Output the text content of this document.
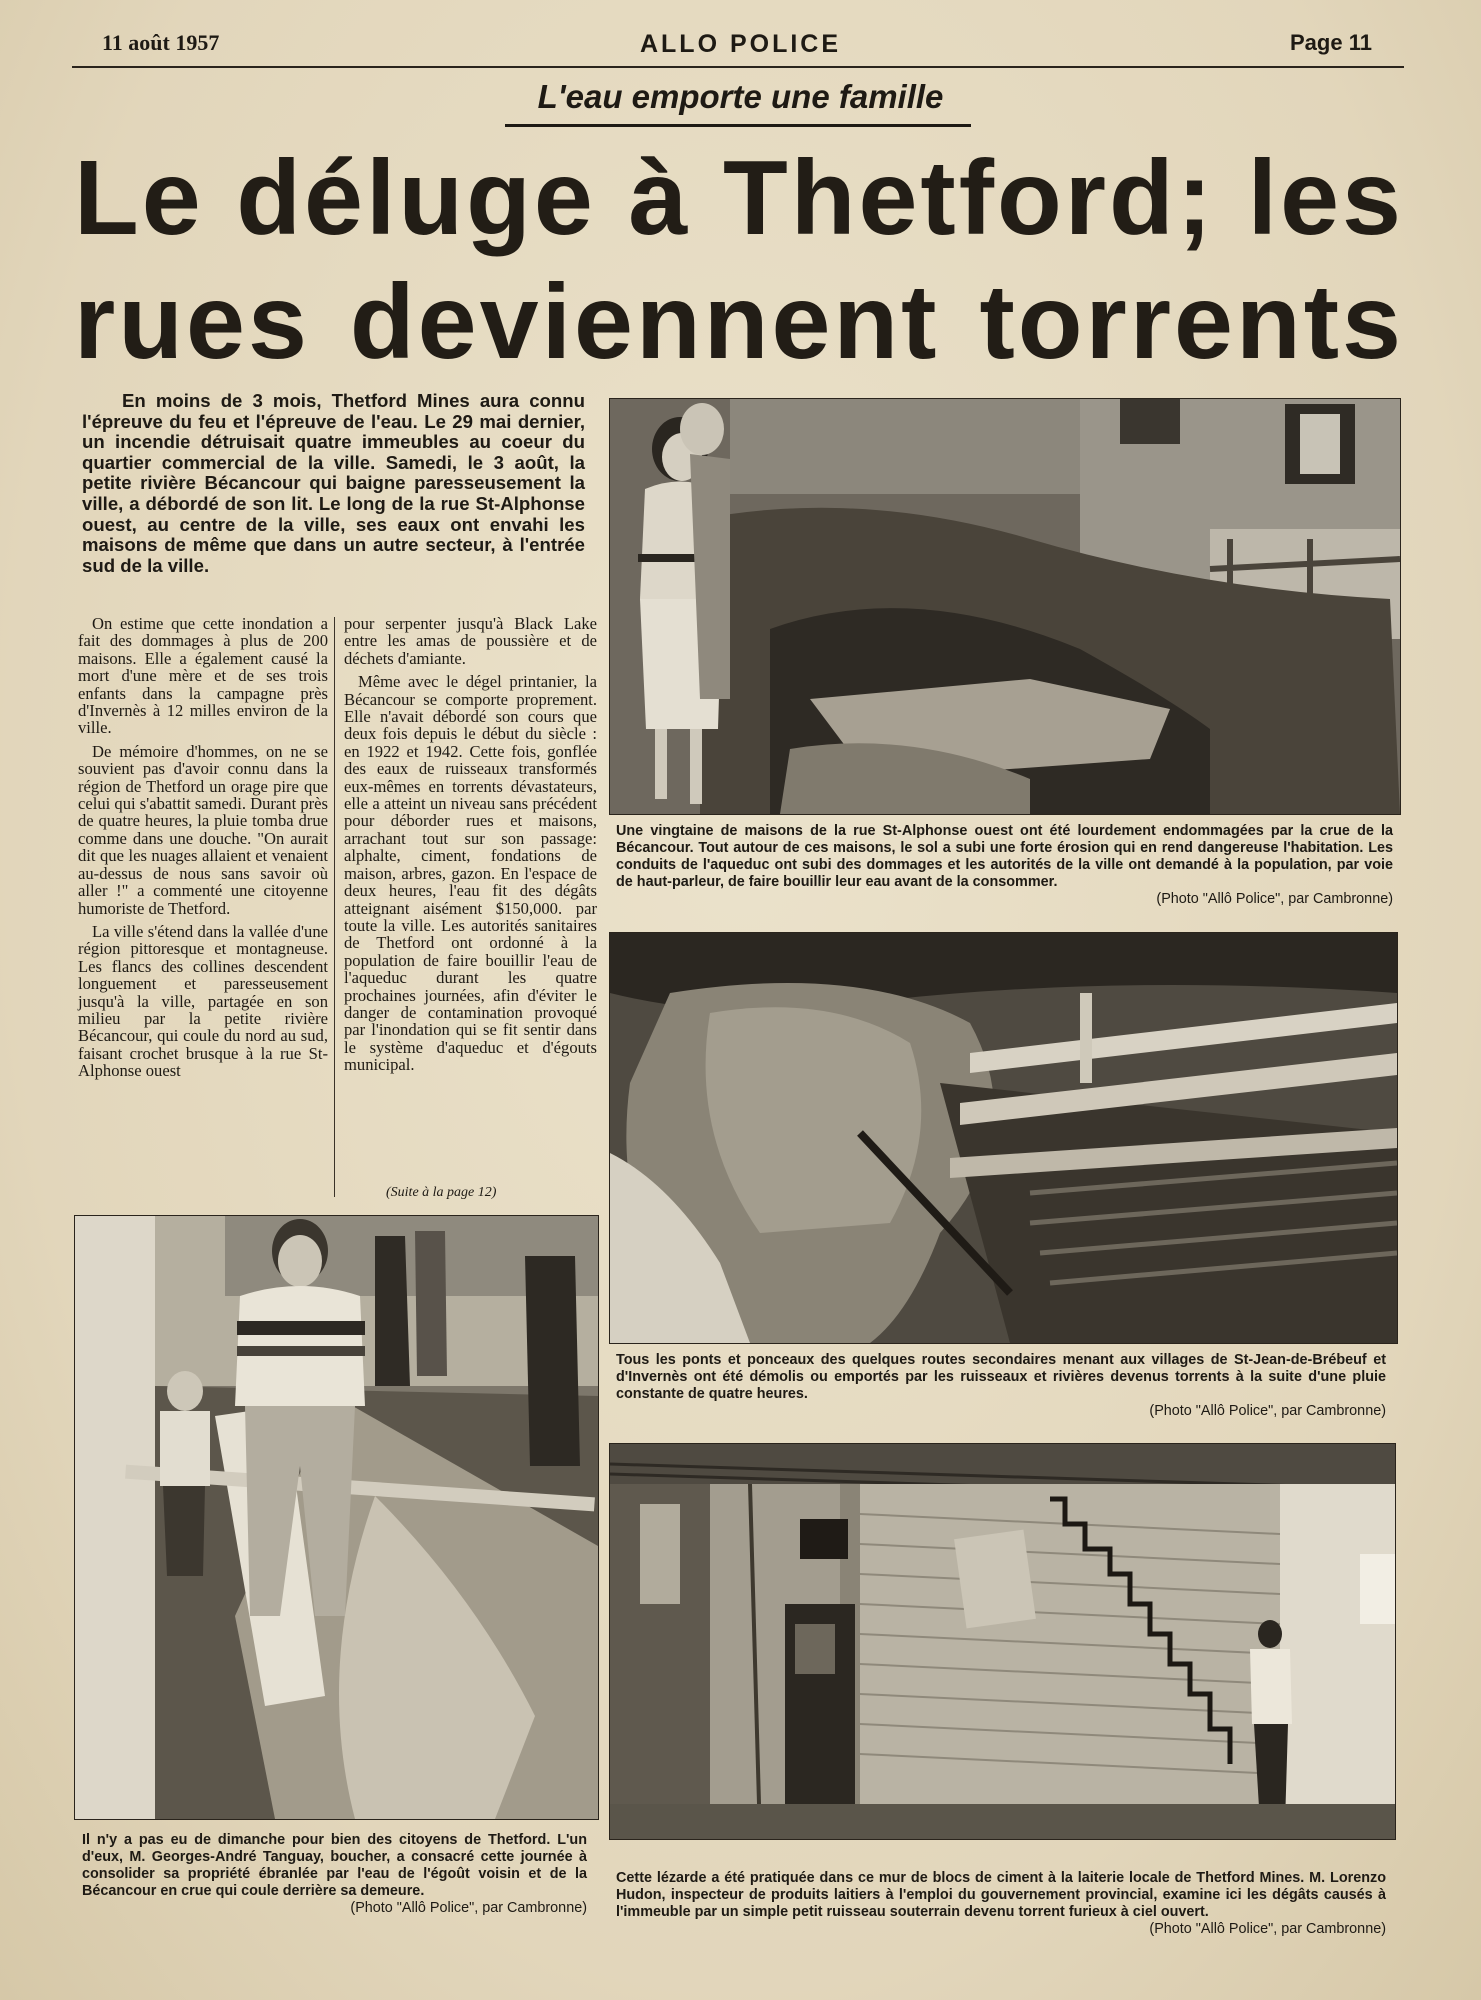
11 août 1957	ALLO POLICE	Page 11
L'eau emporte une famille
Le déluge à Thetford; les
rues deviennent torrents

En moins de 3 mois, Thetford Mines aura connu l'épreuve du feu et l'épreuve de l'eau. Le 29 mai dernier, un incendie détruisait quatre immeubles au coeur du quartier commercial de la ville. Samedi, le 3 août, la petite rivière Bécancour qui baigne paresseusement la ville, a débordé de son lit. Le long de la rue St-Alphonse ouest, au centre de la ville, ses eaux ont envahi les maisons de même que dans un autre secteur, à l'entrée sud de la ville.

On estime que cette inondation a fait des dommages à plus de 200 maisons. Elle a également causé la mort d'une mère et de ses trois enfants dans la campagne près d'Invernès à 12 milles environ de la ville.

De mémoire d'hommes, on ne se souvient pas d'avoir connu dans la région de Thetford un orage pire que celui qui s'abattit samedi. Durant près de quatre heures, la pluie tomba drue comme dans une douche. "On aurait dit que les nuages allaient et venaient au-dessus de nous sans savoir où aller !" a commenté une citoyenne humoriste de Thetford.

La ville s'étend dans la vallée d'une région pittoresque et montagneuse. Les flancs des collines descendent longuement et paresseusement jusqu'à la ville, partagée en son milieu par la petite rivière Bécancour, qui coule du nord au sud, faisant crochet brusque à la rue St-Alphonse ouest

pour serpenter jusqu'à Black Lake entre les amas de poussière et de déchets d'amiante.

Même avec le dégel printanier, la Bécancour se comporte proprement. Elle n'avait débordé son cours que deux fois depuis le début du siècle : en 1922 et 1942. Cette fois, gonflée des eaux de ruisseaux transformés eux-mêmes en torrents dévastateurs, elle a atteint un niveau sans précédent pour déborder rues et maisons, arrachant tout sur son passage: alphalte, ciment, fondations de maison, arbres, gazon. En l'espace de deux heures, l'eau fit des dégâts atteignant aisément $150,000. par toute la ville. Les autorités sanitaires de Thetford ont ordonné à la population de faire bouillir l'eau de l'aqueduc durant les quatre prochaines journées, afin d'éviter le danger de contamination provoqué par l'inondation qui se fit sentir dans le système d'aqueduc et d'égouts municipal.

(Suite à la page 12)

Une vingtaine de maisons de la rue St-Alphonse ouest ont été lourdement endommagées par la crue de la Bécancour. Tout autour de ces maisons, le sol a subi une forte érosion qui en rend dangereuse l'habitation. Les conduits de l'aqueduc ont subi des dommages et les autorités de la ville ont demandé à la population, par voie de haut-parleur, de faire bouillir leur eau avant de la consommer.

(Photo "Allô Police", par Cambronne)

Tous les ponts et ponceaux des quelques routes secondaires menant aux villages de St-Jean-de-Brébeuf et d'Invernès ont été démolis ou emportés par les ruisseaux et rivières devenus torrents à la suite d'une pluie constante de quatre heures.

(Photo "Allô Police", par Cambronne)

Il n'y a pas eu de dimanche pour bien des citoyens de Thetford. L'un d'eux, M. Georges-André Tanguay, boucher, a consacré cette journée à consolider sa propriété ébranlée par l'eau de l'égoût voisin et de la Bécancour en crue qui coule derrière sa demeure.

(Photo "Allô Police", par Cambronne)

Cette lézarde a été pratiquée dans ce mur de blocs de ciment à la laiterie locale de Thetford Mines. M. Lorenzo Hudon, inspecteur de produits laitiers à l'emploi du gouvernement provincial, examine ici les dégâts causés à l'immeuble par un simple petit ruisseau souterrain devenu torrent furieux à ciel ouvert.

(Photo "Allô Police", par Cambronne)
